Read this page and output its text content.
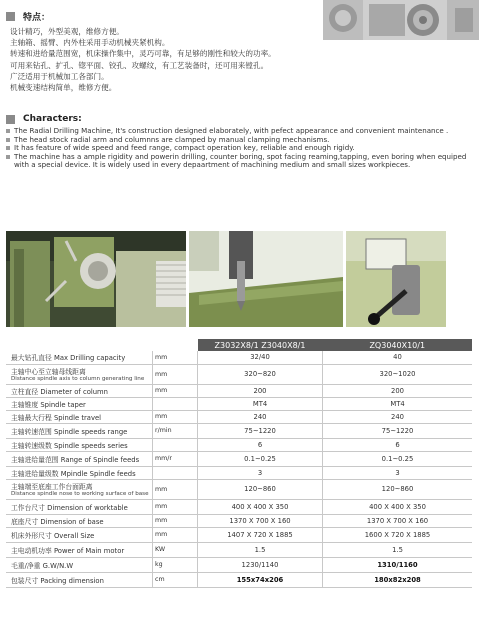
特点：
设计精巧，外型美观，维修方便。
主轴箱、摇臂、内外柱采用手动机械夹紧机构。
转速和进给量范围宽，机床操作集中，灵巧可靠，有足够的刚性和较大的功率。
可用来钻孔、扩孔、锪平面、铰孔、攻螺纹，有工艺装备时，还可用来镗孔。
广泛适用于机械加工各部门。
机械变速结构简单，维修方便。
Characters:
The Radial Drilling Machine, It's construction designed elaborately, with pefect appearance and convenient maintenance .
The head stock radial arm and columnns are clamped by manual clamping mechanisms.
It has feature of wide speed and feed range, compact operation key, reliable and enough rigidy.
The machine has a ample rigidity and powerin drilling, counter boring, spot facing reaming,tapping, even boring when equiped with a special device. It is widely used in every depaartment of machining medium and small sizes workpieces.
		Z3032X8/1 Z3040X8/1	ZQ3040X10/1
最大钻孔直径 Max Drilling capacity	mm	32/40	40
主轴中心至立轴母线距离
Distance spindle axis to column generating line	mm	320~820	320~1020
立柱直径 Diameter of column	mm	200	200
主轴锥度 Spindle taper		MT4	MT4
主轴最大行程 Spindle travel	mm	240	240
主轴转速范围 Spindle speeds range	r/min	75~1220	75~1220
主轴转速级数 Spindle speeds series		6	6
主轴进给量范围 Range of Spindle feeds	mm/r	0.1~0.25	0.1~0.25
主轴进给量级数 Mpindle Spindle feeds		3	3
主轴端至底座工作台面距离
Distance spindle nose to working surface of base	mm	120~860	120~860
工作台尺寸 Dimension of worktable	mm	400 X 400 X 350	400 X 400 X 350
底座尺寸 Dimension of base	mm	1370 X 700 X 160	1370 X 700 X 160
机床外形尺寸 Overall Size	mm	1407 X 720 X 1885	1600 X 720 X 1885
主电动机功率 Power of Main motor	KW	1.5	1.5
毛重/净重 G.W/N.W	kg	1230/1140	1310/1160
包装尺寸 Packing dimension	cm	155x74x206	180x82x208
